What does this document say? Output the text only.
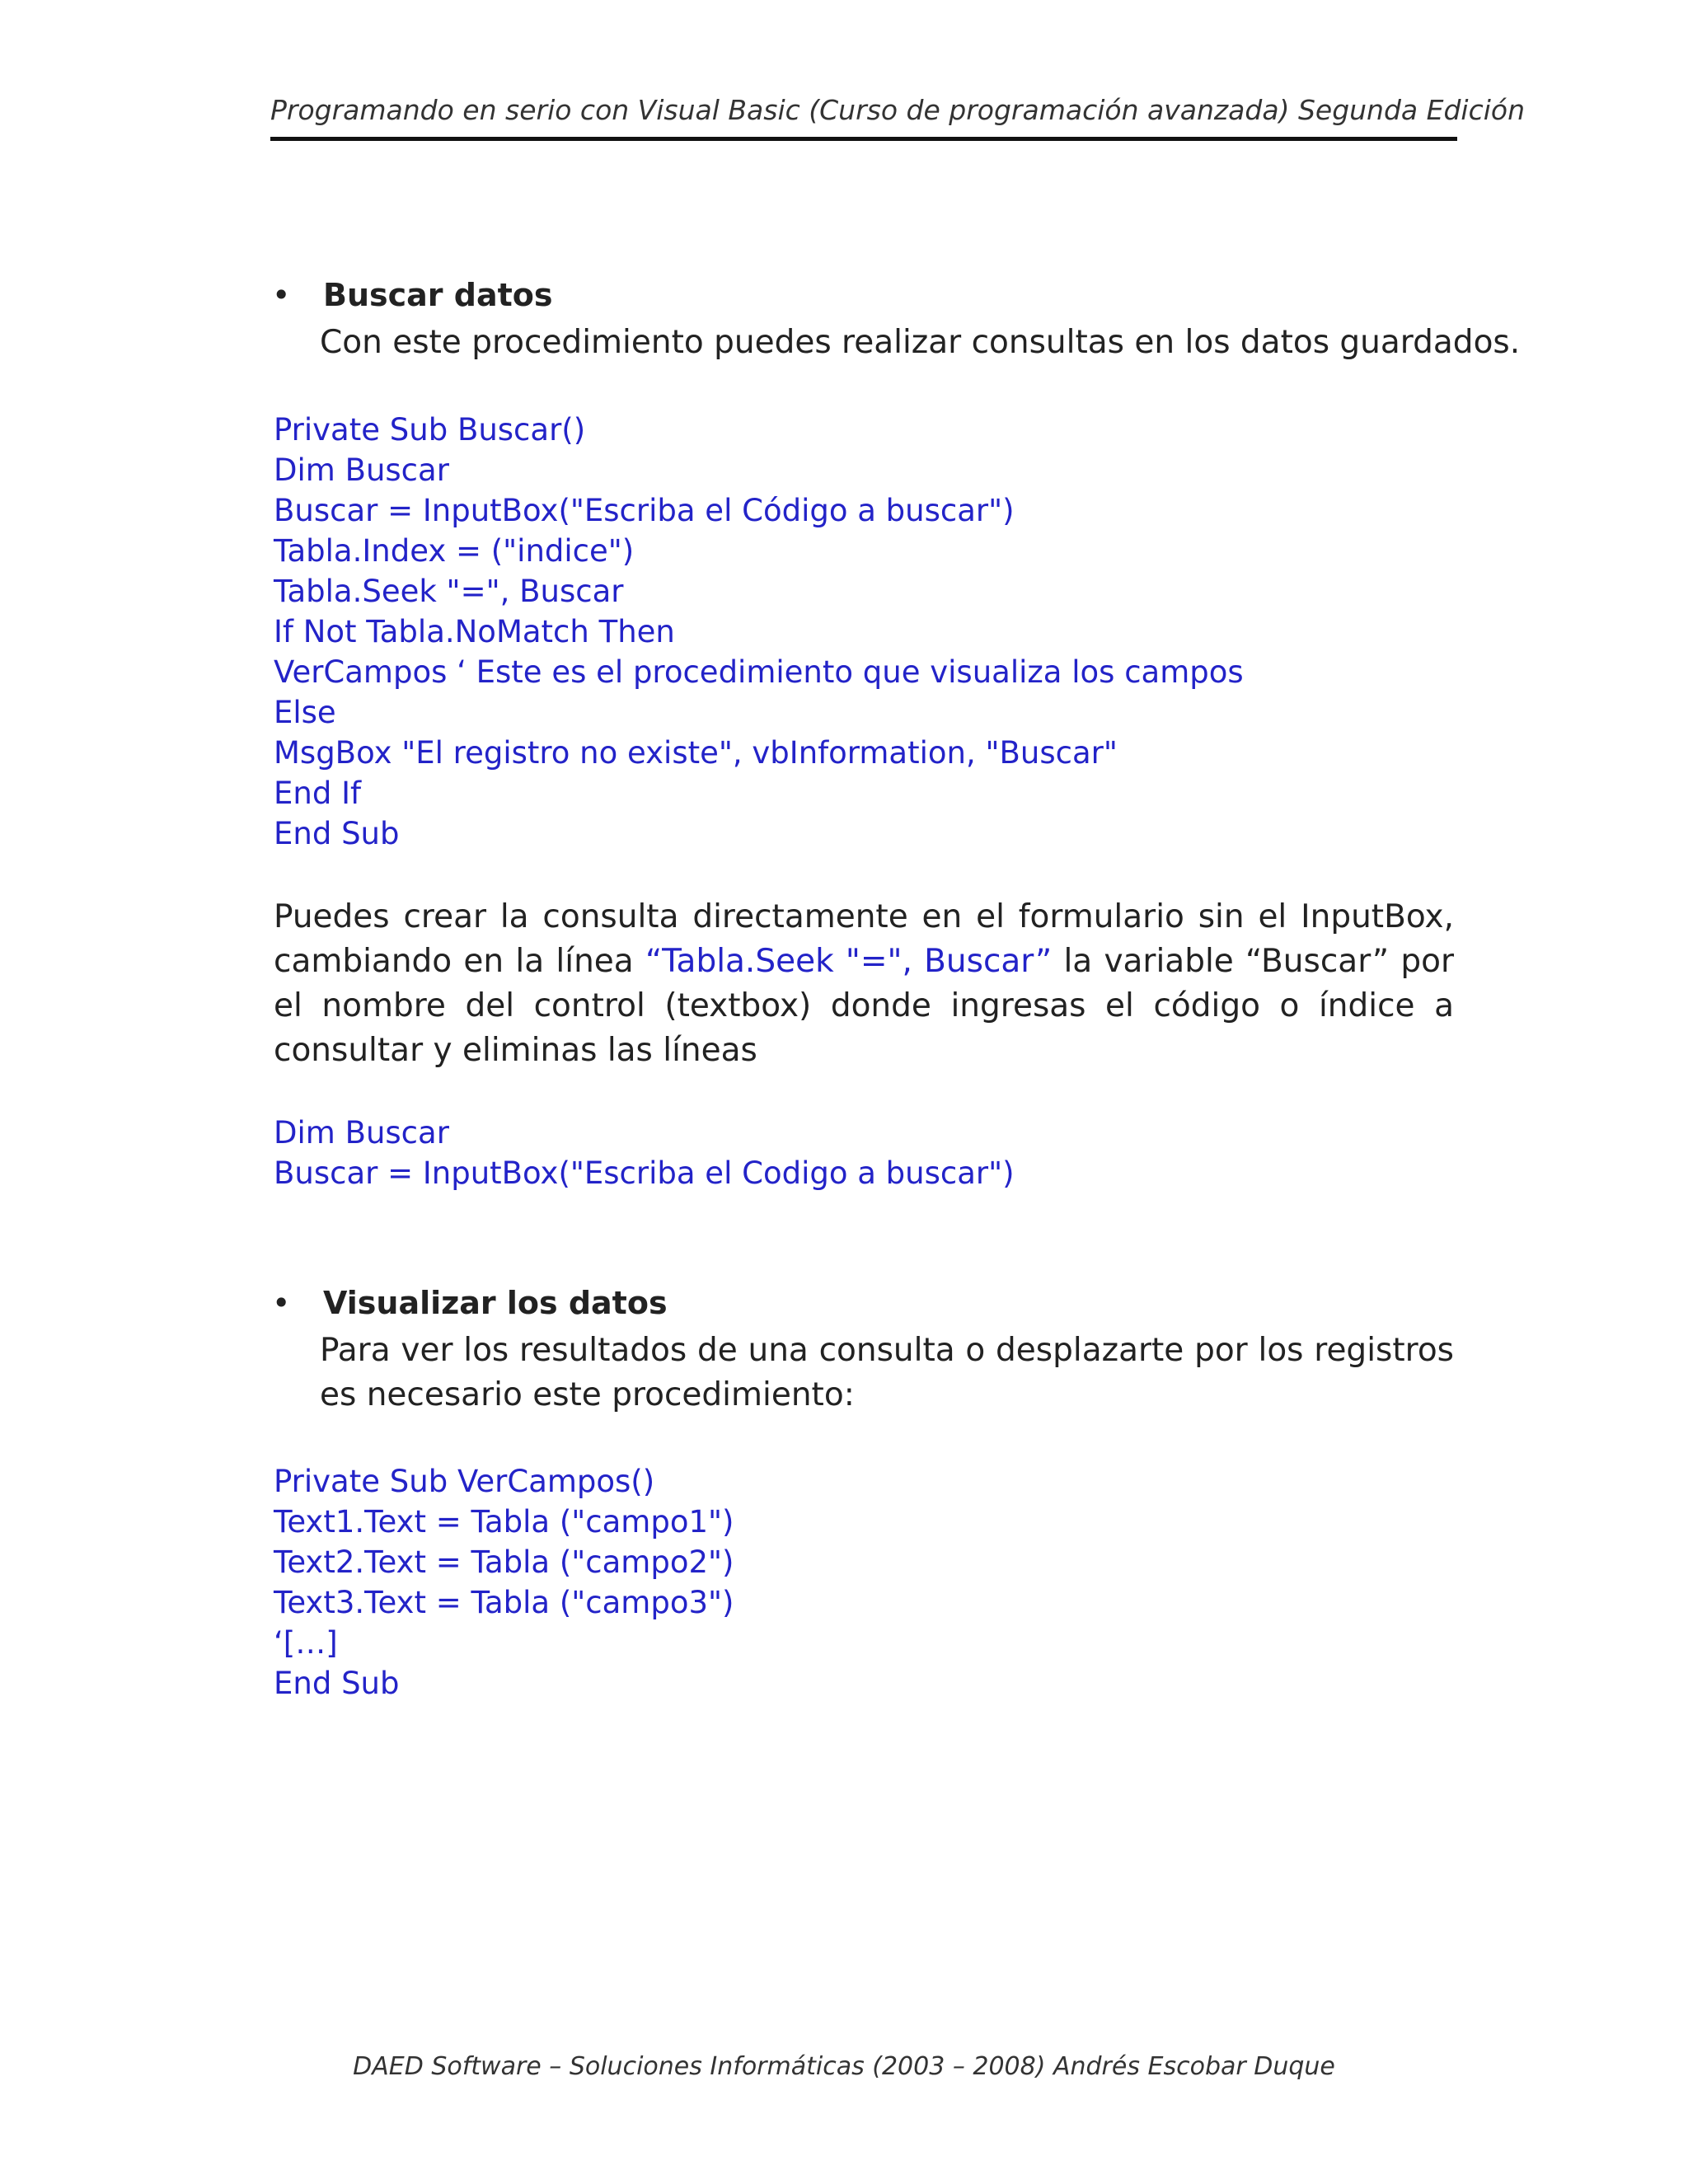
Programando en serio con Visual Basic (Curso de programación avanzada) Segunda Edición
• Buscar datos
Con este procedimiento puedes realizar consultas en los datos guardados.
Private Sub Buscar()
Dim Buscar
Buscar = InputBox("Escriba el Código a buscar")
Tabla.Index = ("indice")
Tabla.Seek "=", Buscar
If Not Tabla.NoMatch Then
VerCampos ‘ Este es el procedimiento que visualiza los campos
Else
MsgBox "El registro no existe", vbInformation, "Buscar"
End If
End Sub
Puedes crear la consulta directamente en el formulario sin el InputBox, cambiando en la línea “Tabla.Seek "=", Buscar” la variable “Buscar” por el nombre del control (textbox) donde ingresas el código o índice a consultar y eliminas las líneas
Dim Buscar
Buscar = InputBox("Escriba el Codigo a buscar")
• Visualizar los datos
Para ver los resultados de una consulta o desplazarte por los registros es necesario este procedimiento:
Private Sub VerCampos()
Text1.Text = Tabla ("campo1")
Text2.Text = Tabla ("campo2")
Text3.Text = Tabla ("campo3")
‘[…]
End Sub
DAED Software – Soluciones Informáticas (2003 – 2008) Andrés Escobar Duque
